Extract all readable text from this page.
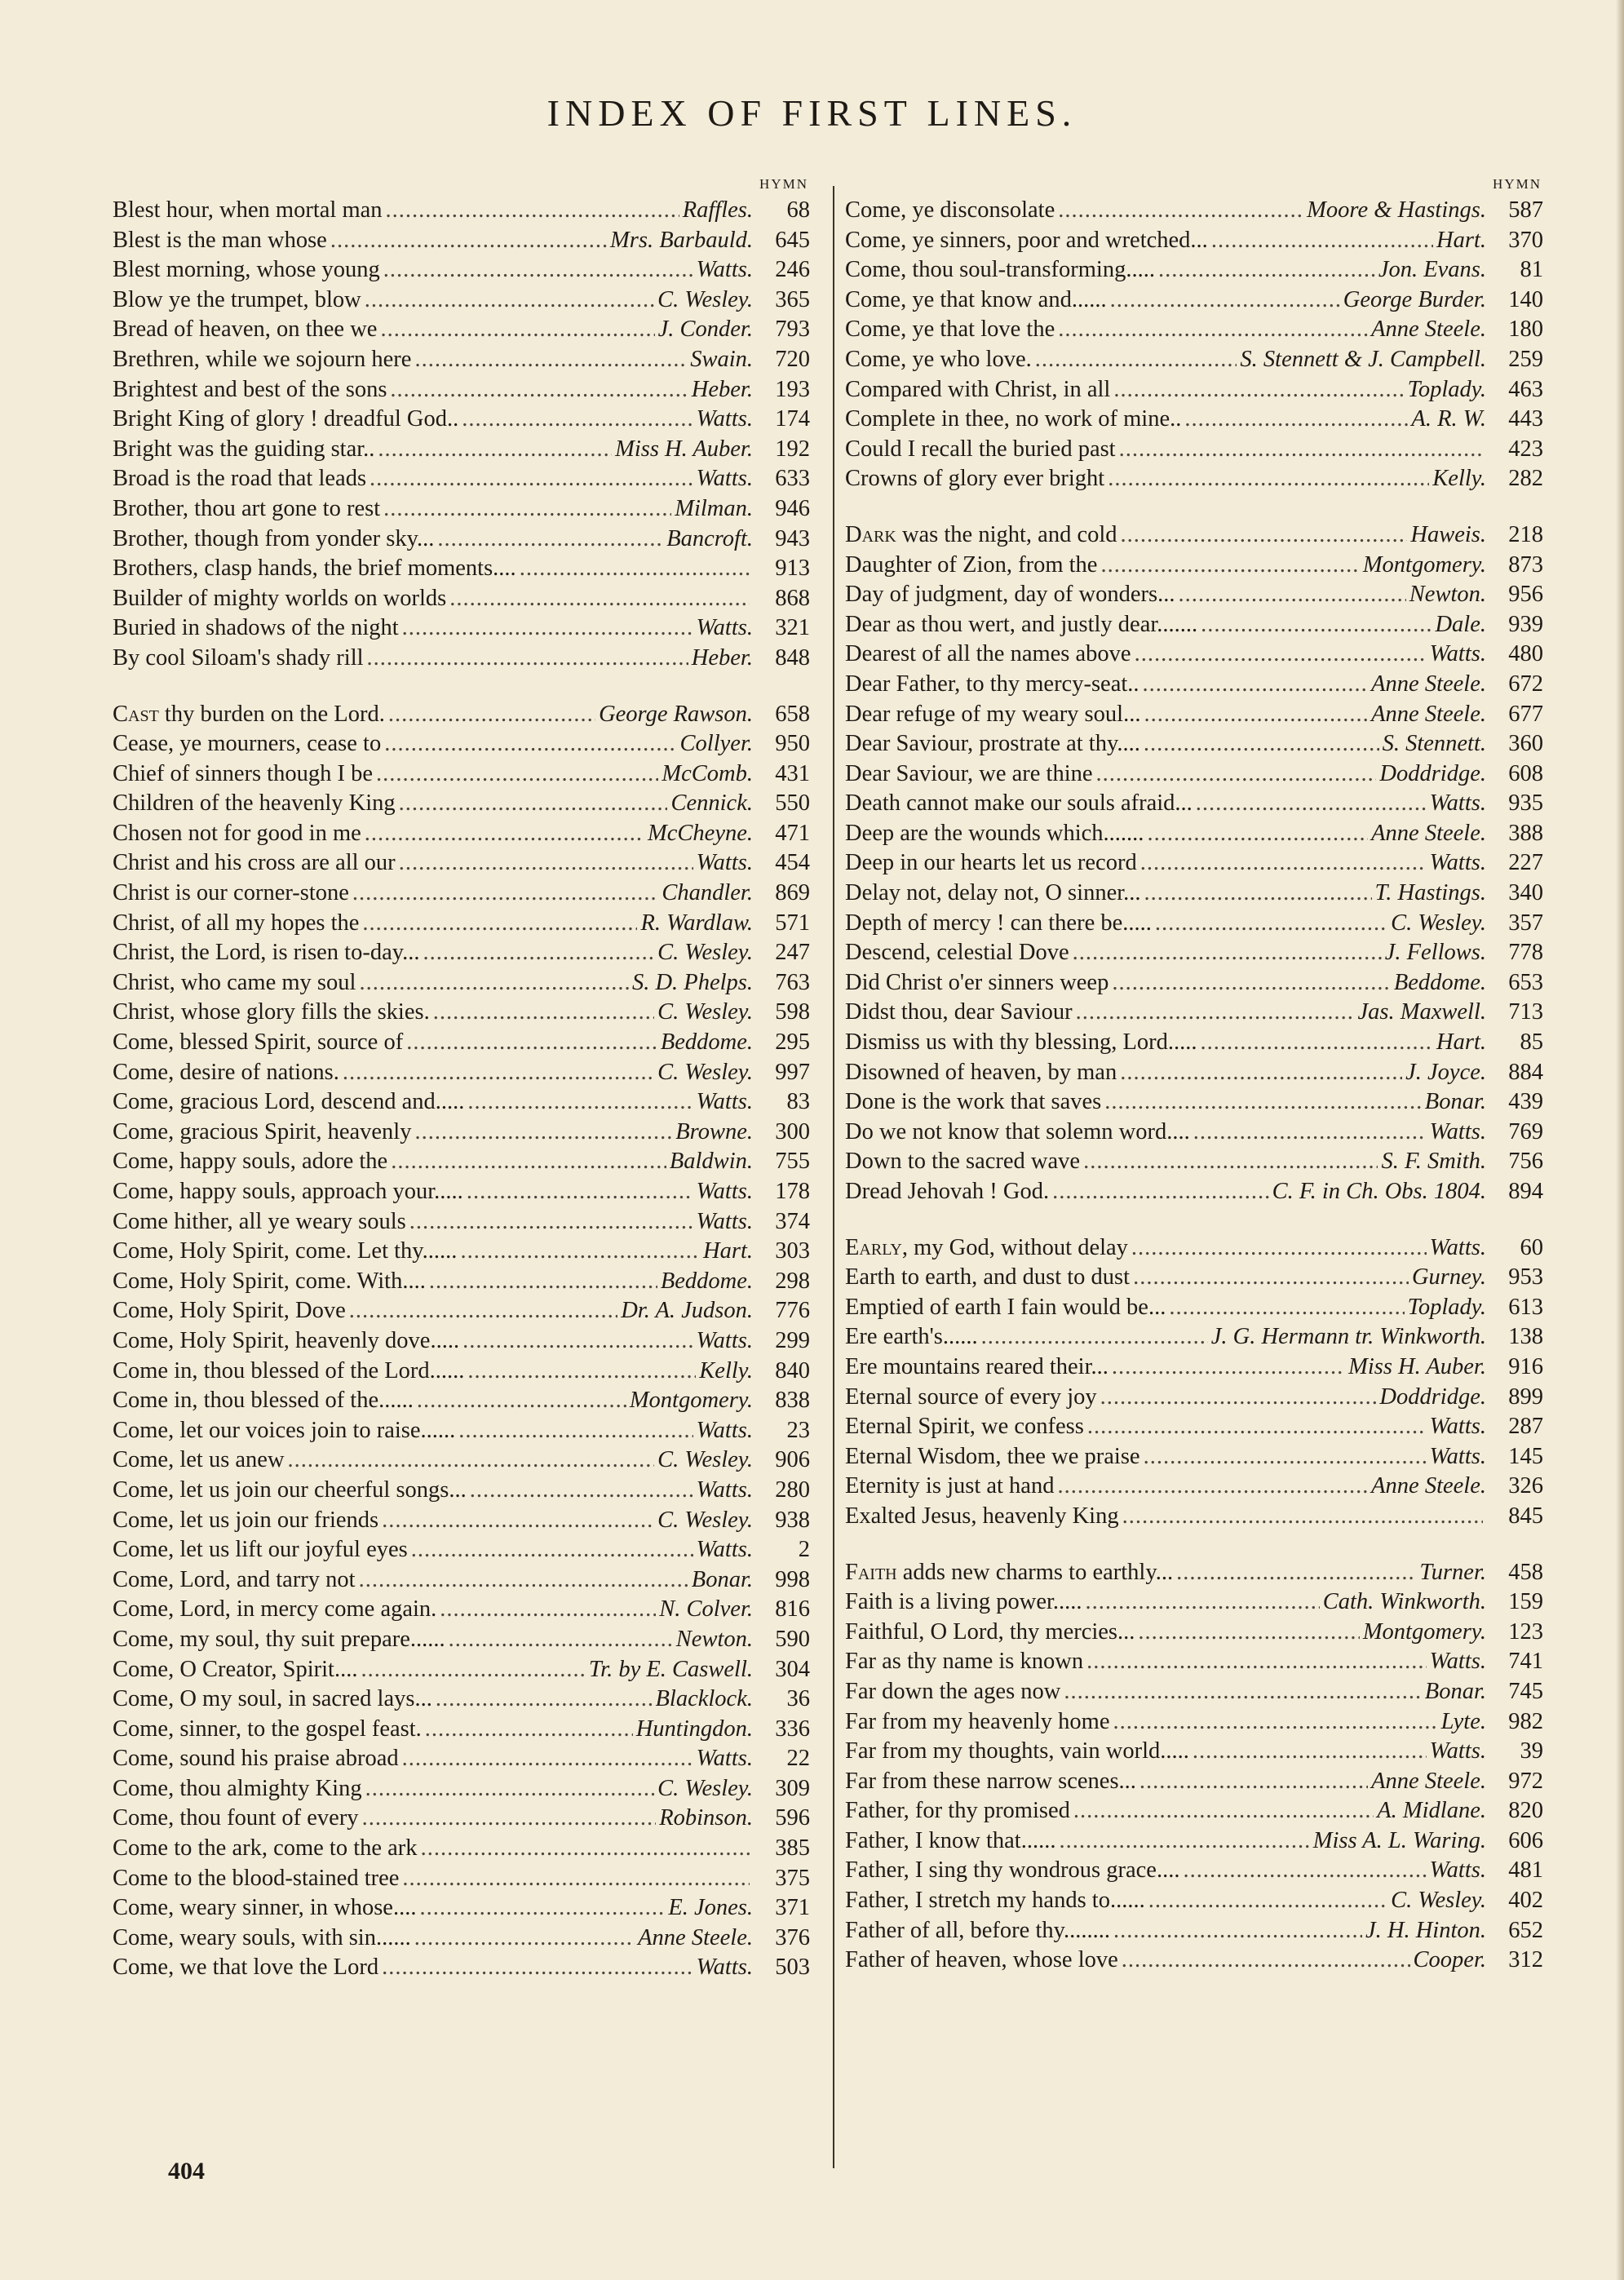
INDEX OF FIRST LINES.
HYMN
Blest hour, when mortal man .....	Raffles.	68
Blest is the man whose .....	Mrs. Barbauld. 645
Blest morning, whose young .....	Watts. 246
Blow ye the trumpet, blow .....	C. Wesley. 365
Bread of heaven, on thee we .....	J. Conder. 793
Brethren, while we sojourn here .....	Swain. 720
Brightest and best of the sons .....	Heber. 193
Bright King of glory ! dreadful God.. .....	Watts. 174
Bright was the guiding star.. .....	Miss H. Auber. 192
Broad is the road that leads .....	Watts. 633
Brother, thou art gone to rest .....	Milman. 946
Brother, though from yonder sky... .....	Bancroft. 943
Brothers, clasp hands, the brief moments.... .....	913
Builder of mighty worlds on worlds .....	868
Buried in shadows of the night .....	Watts. 321
By cool Siloam's shady rill .....	Heber. 848
Cast thy burden on the Lord. .....	George Rawson. 658
Cease, ye mourners, cease to .....	Collyer. 950
Chief of sinners though I be .....	McComb. 431
Children of the heavenly King .....	Cennick. 550
Chosen not for good in me .....	McCheyne. 471
Christ and his cross are all our .....	Watts. 454
Christ is our corner-stone .....	Chandler. 869
Christ, of all my hopes the .....	R. Wardlaw. 571
Christ, the Lord, is risen to-day... .....	C. Wesley. 247
Christ, who came my soul .....	S. D. Phelps. 763
Christ, whose glory fills the skies. .....	C. Wesley. 598
Come, blessed Spirit, source of .....	Beddome. 295
Come, desire of nations. .....	C. Wesley. 997
Come, gracious Lord, descend and..... .....	Watts.	83
Come, gracious Spirit, heavenly .....	Browne. 300
Come, happy souls, adore the .....	Baldwin. 755
Come, happy souls, approach your..... .....	Watts. 178
Come hither, all ye weary souls .....	Watts. 374
Come, Holy Spirit, come. Let thy...... .....	Hart. 303
Come, Holy Spirit, come. With.... .....	Beddome. 298
Come, Holy Spirit, Dove .....	Dr. A. Judson. 776
Come, Holy Spirit, heavenly dove..... .....	Watts. 299
Come in, thou blessed of the Lord...... .....	Kelly. 840
Come in, thou blessed of the...... .....	Montgomery. 838
Come, let our voices join to raise...... .....	Watts.	23
Come, let us anew .....	C. Wesley. 906
Come, let us join our cheerful songs... .....	Watts. 280
Come, let us join our friends .....	C. Wesley. 938
Come, let us lift our joyful eyes .....	Watts.	2
Come, Lord, and tarry not .....	Bonar. 998
Come, Lord, in mercy come again. .....	N. Colver. 816
Come, my soul, thy suit prepare...... .....	Newton. 590
Come, O Creator, Spirit.... .....	Tr. by E. Caswell. 304
Come, O my soul, in sacred lays... .....	Blacklock.	36
Come, sinner, to the gospel feast. .....	Huntingdon. 336
Come, sound his praise abroad .....	Watts.	22
Come, thou almighty King .....	C. Wesley. 309
Come, thou fount of every .....	Robinson. 596
Come to the ark, come to the ark .....	385
Come to the blood-stained tree .....	375
Come, weary sinner, in whose.... .....	E. Jones. 371
Come, weary souls, with sin...... .....	Anne Steele. 376
Come, we that love the Lord .....	Watts. 503
HYMN
Come, ye disconsolate .....	Moore & Hastings. 587
Come, ye sinners, poor and wretched... .....	Hart. 370
Come, thou soul-transforming..... .....	Jon. Evans.	81
Come, ye that know and...... .....	George Burder. 140
Come, ye that love the .....	Anne Steele. 180
Come, ye who love. .....	S. Stennett & J. Campbell. 259
Compared with Christ, in all .....	Toplady. 463
Complete in thee, no work of mine.. .....	A. R. W. 443
Could I recall the buried past .....	423
Crowns of glory ever bright .....	Kelly. 282
Dark was the night, and cold .....	Haweis. 218
Daughter of Zion, from the .....	Montgomery. 873
Day of judgment, day of wonders... .....	Newton. 956
Dear as thou wert, and justly dear....... .....	Dale. 939
Dearest of all the names above .....	Watts. 480
Dear Father, to thy mercy-seat.. .....	Anne Steele. 672
Dear refuge of my weary soul... .....	Anne Steele. 677
Dear Saviour, prostrate at thy.... .....	S. Stennett. 360
Dear Saviour, we are thine .....	Doddridge. 608
Death cannot make our souls afraid... .....	Watts. 935
Deep are the wounds which....... .....	Anne Steele. 388
Deep in our hearts let us record .....	Watts. 227
Delay not, delay not, O sinner... .....	T. Hastings. 340
Depth of mercy ! can there be..... .....	C. Wesley. 357
Descend, celestial Dove .....	J. Fellows. 778
Did Christ o'er sinners weep .....	Beddome. 653
Didst thou, dear Saviour .....	Jas. Maxwell. 713
Dismiss us with thy blessing, Lord..... .....	Hart.	85
Disowned of heaven, by man .....	J. Joyce. 884
Done is the work that saves .....	Bonar. 439
Do we not know that solemn word.... .....	Watts. 769
Down to the sacred wave .....	S. F. Smith. 756
Dread Jehovah ! God. .....	C. F. in Ch. Obs. 1804. 894
Early, my God, without delay .....	Watts.	60
Earth to earth, and dust to dust .....	Gurney. 953
Emptied of earth I fain would be... .....	Toplady. 613
Ere earth's...... .....	J. G. Hermann tr. Winkworth. 138
Ere mountains reared their... .....	Miss H. Auber. 916
Eternal source of every joy .....	Doddridge. 899
Eternal Spirit, we confess .....	Watts. 287
Eternal Wisdom, thee we praise .....	Watts. 145
Eternity is just at hand .....	Anne Steele. 326
Exalted Jesus, heavenly King .....	845
Faith adds new charms to earthly... .....	Turner. 458
Faith is a living power..... .....	Cath. Winkworth. 159
Faithful, O Lord, thy mercies... .....	Montgomery. 123
Far as thy name is known .....	Watts. 741
Far down the ages now .....	Bonar. 745
Far from my heavenly home .....	Lyte. 982
Far from my thoughts, vain world..... .....	Watts.	39
Far from these narrow scenes... .....	Anne Steele. 972
Father, for thy promised .....	A. Midlane. 820
Father, I know that...... .....	Miss A. L. Waring. 606
Father, I sing thy wondrous grace.... .....	Watts. 481
Father, I stretch my hands to...... .....	C. Wesley. 402
Father of all, before thy........ .....	J. H. Hinton. 652
Father of heaven, whose love .....	Cooper. 312
404
